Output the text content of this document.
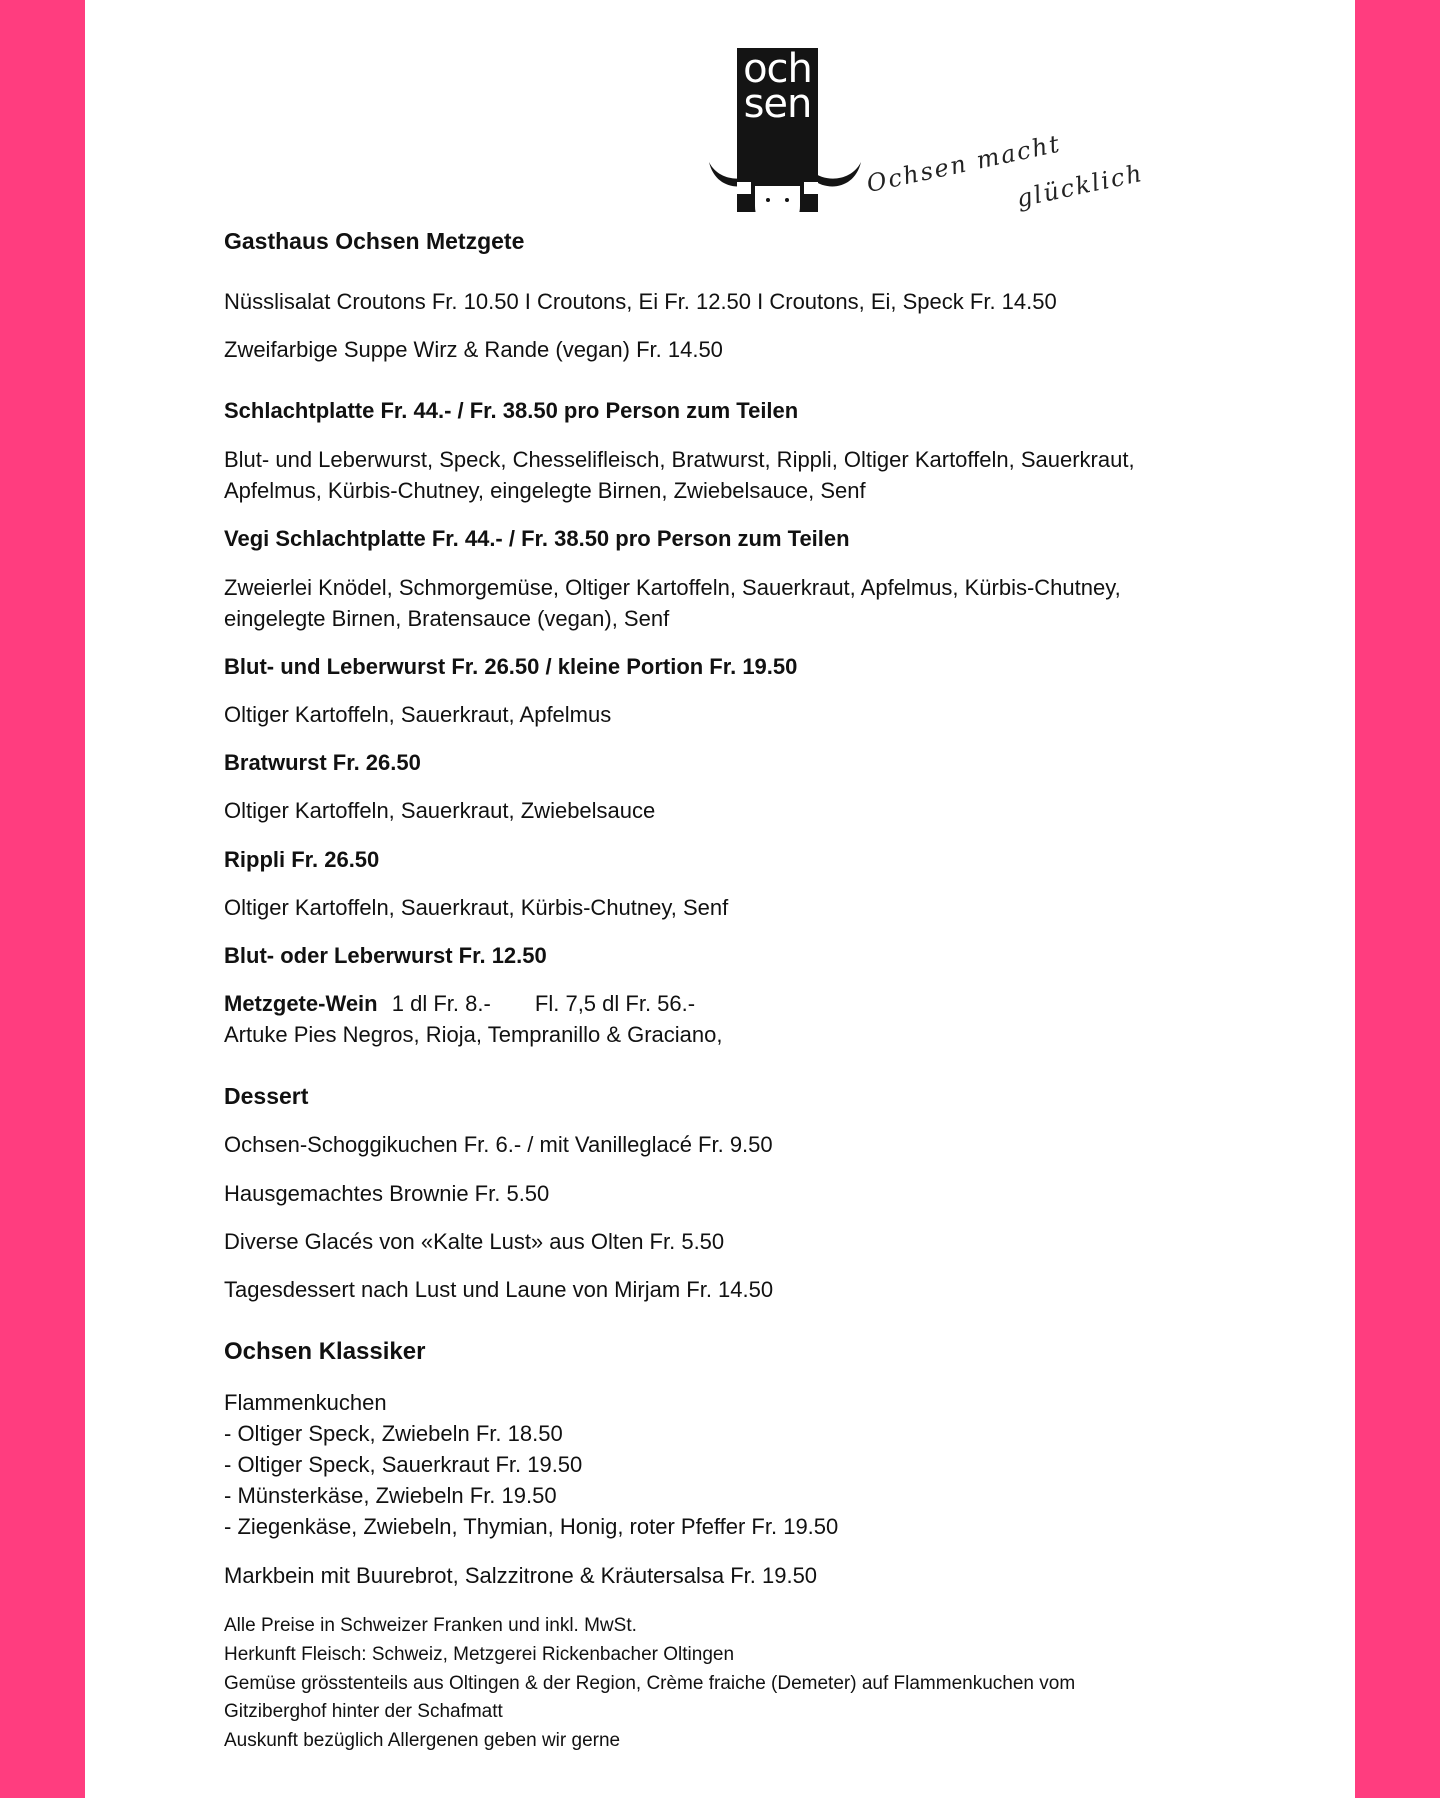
och
sen
Ochsen macht
glücklich
Gasthaus Ochsen Metzgete
Nüsslisalat Croutons Fr. 10.50 I Croutons, Ei Fr. 12.50 I Croutons, Ei, Speck Fr. 14.50
Zweifarbige Suppe Wirz & Rande (vegan) Fr. 14.50
Schlachtplatte Fr. 44.- / Fr. 38.50 pro Person zum Teilen
Blut- und Leberwurst, Speck, Chesselifleisch, Bratwurst, Rippli, Oltiger Kartoffeln, Sauerkraut,
Apfelmus, Kürbis-Chutney, eingelegte Birnen, Zwiebelsauce, Senf
Vegi Schlachtplatte Fr. 44.- / Fr. 38.50 pro Person zum Teilen
Zweierlei Knödel, Schmorgemüse, Oltiger Kartoffeln, Sauerkraut, Apfelmus, Kürbis-Chutney,
eingelegte Birnen, Bratensauce (vegan), Senf
Blut- und Leberwurst Fr. 26.50 / kleine Portion Fr. 19.50
Oltiger Kartoffeln, Sauerkraut, Apfelmus
Bratwurst Fr. 26.50
Oltiger Kartoffeln, Sauerkraut, Zwiebelsauce
Rippli Fr. 26.50
Oltiger Kartoffeln, Sauerkraut, Kürbis-Chutney, Senf
Blut- oder Leberwurst Fr. 12.50
Metzgete-Wein 1 dl Fr. 8.- Fl. 7,5 dl Fr. 56.-
Artuke Pies Negros, Rioja, Tempranillo & Graciano,
Dessert
Ochsen-Schoggikuchen Fr. 6.- / mit Vanilleglacé Fr. 9.50
Hausgemachtes Brownie Fr. 5.50
Diverse Glacés von «Kalte Lust» aus Olten Fr. 5.50
Tagesdessert nach Lust und Laune von Mirjam Fr. 14.50
Ochsen Klassiker
Flammenkuchen
- Oltiger Speck, Zwiebeln Fr. 18.50
- Oltiger Speck, Sauerkraut Fr. 19.50
- Münsterkäse, Zwiebeln Fr. 19.50
- Ziegenkäse, Zwiebeln, Thymian, Honig, roter Pfeffer Fr. 19.50
Markbein mit Buurebrot, Salzzitrone & Kräutersalsa Fr. 19.50
Alle Preise in Schweizer Franken und inkl. MwSt.
Herkunft Fleisch: Schweiz, Metzgerei Rickenbacher Oltingen
Gemüse grösstenteils aus Oltingen & der Region, Crème fraiche (Demeter) auf Flammenkuchen vom
Gitziberghof hinter der Schafmatt
Auskunft bezüglich Allergenen geben wir gerne
